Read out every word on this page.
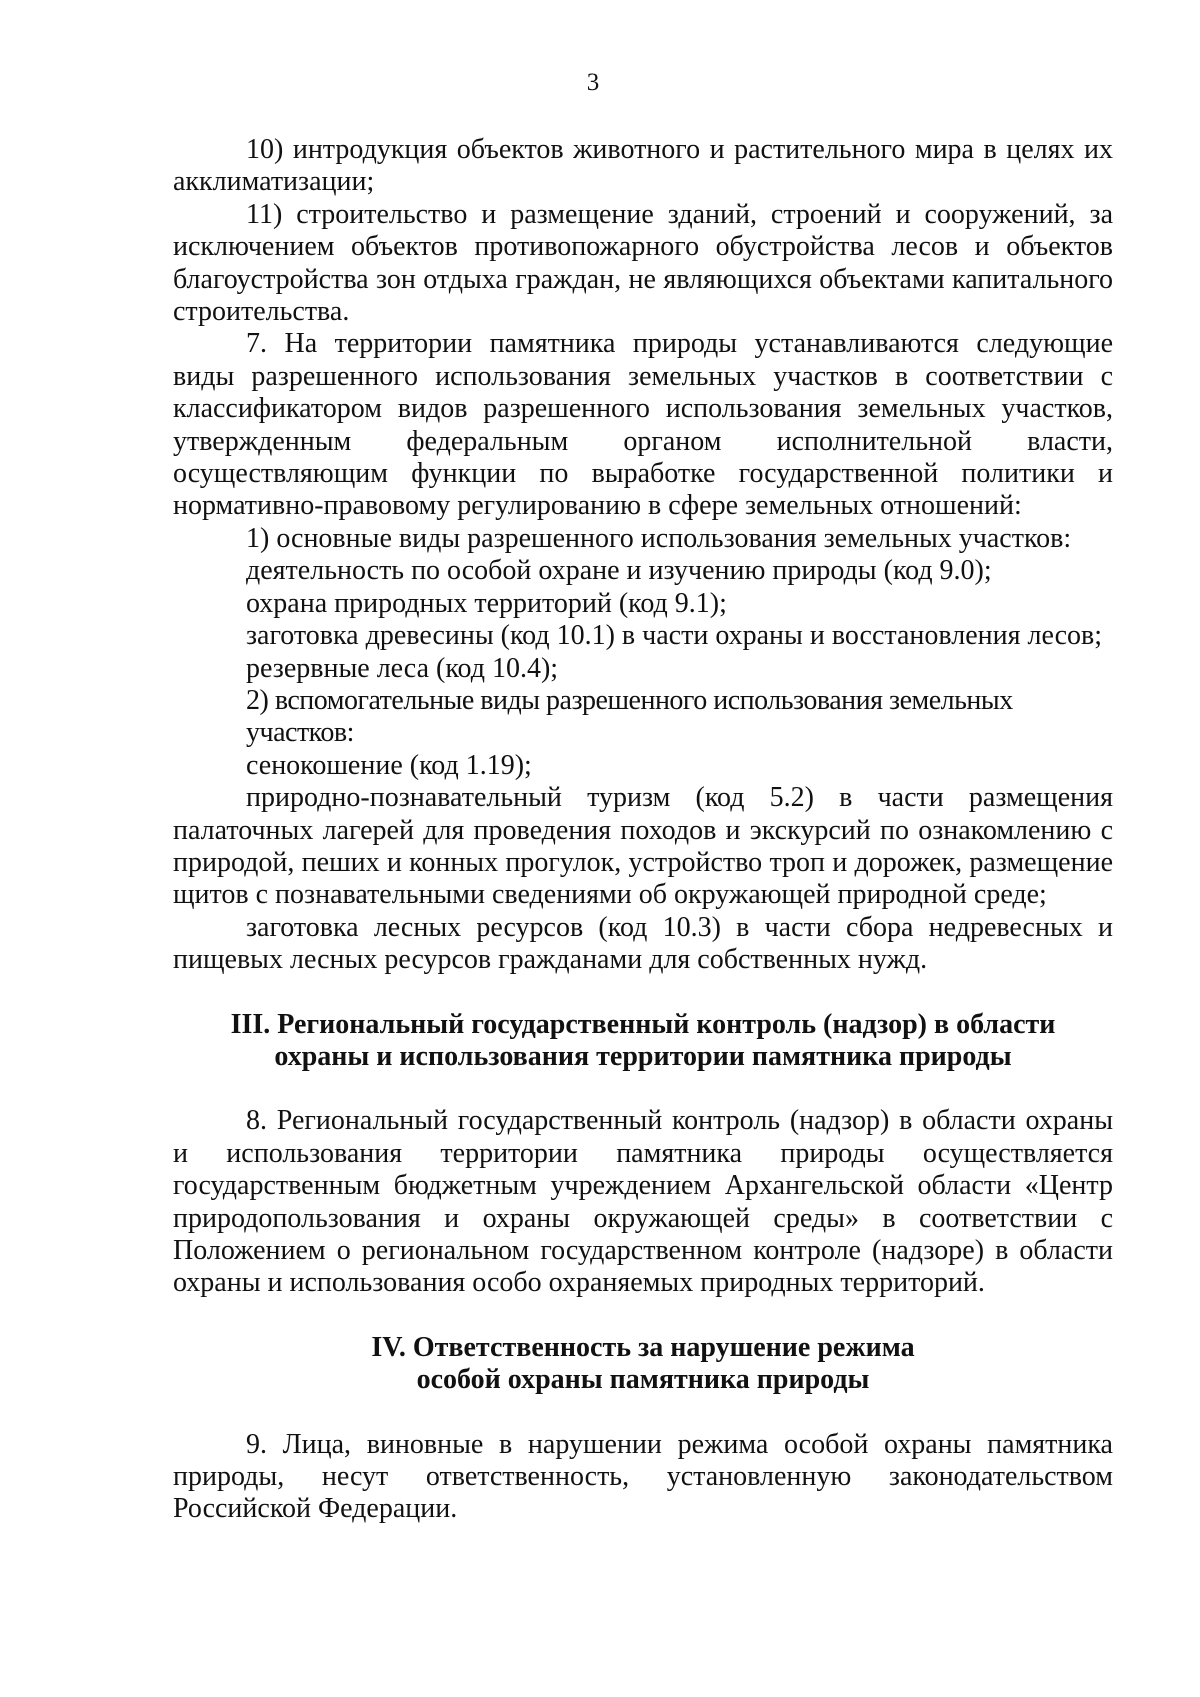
3

10) интродукция объектов животного и растительного мира в целях их акклиматизации;

11) строительство и размещение зданий, строений и сооружений, за исключением объектов противопожарного обустройства лесов и объектов благоустройства зон отдыха граждан, не являющихся объектами капитального строительства.

7. На территории памятника природы устанавливаются следующие виды разрешенного использования земельных участков в соответствии с классификатором видов разрешенного использования земельных участков, утвержденным федеральным органом исполнительной власти, осуществляющим функции по выработке государственной политики и нормативно-правовому регулированию в сфере земельных отношений:

1) основные виды разрешенного использования земельных участков:

деятельность по особой охране и изучению природы (код 9.0);

охрана природных территорий (код 9.1);

заготовка древесины (код 10.1) в части охраны и восстановления лесов;

резервные леса (код 10.4);

2) вспомогательные виды разрешенного использования земельных участков:

сенокошение (код 1.19);

природно-познавательный туризм (код 5.2) в части размещения палаточных лагерей для проведения походов и экскурсий по ознакомлению с природой, пеших и конных прогулок, устройство троп и дорожек, размещение щитов с познавательными сведениями об окружающей природной среде;

заготовка лесных ресурсов (код 10.3) в части сбора недревесных и пищевых лесных ресурсов гражданами для собственных нужд.

III. Региональный государственный контроль (надзор) в области

охраны и использования территории памятника природы

8. Региональный государственный контроль (надзор) в области охраны и использования территории памятника природы осуществляется государственным бюджетным учреждением Архангельской области «Центр природопользования и охраны окружающей среды» в соответствии с Положением о региональном государственном контроле (надзоре) в области охраны и использования особо охраняемых природных территорий.

IV. Ответственность за нарушение режима

особой охраны памятника природы

9. Лица, виновные в нарушении режима особой охраны памятника природы, несут ответственность, установленную законодательством Российской Федерации.
